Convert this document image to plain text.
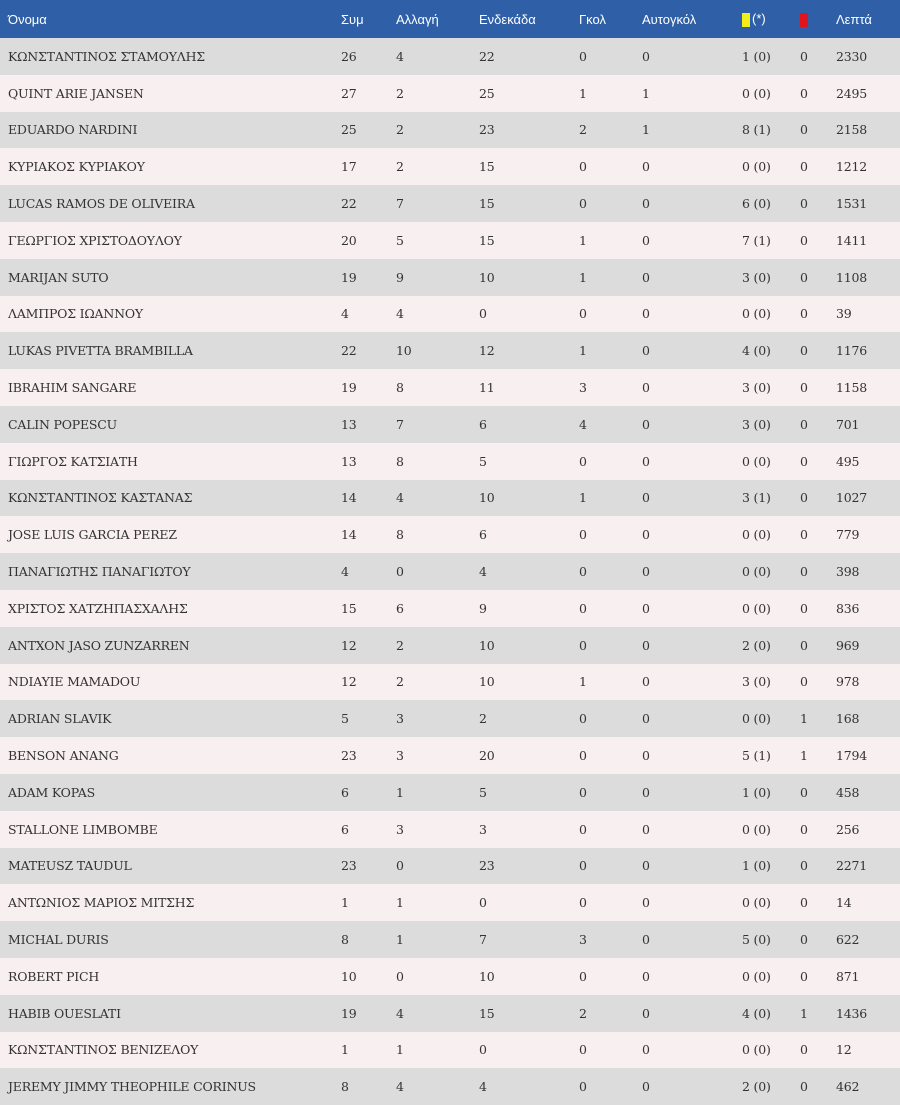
Όνομα	Συμ	Αλλαγή	Ενδεκάδα	Γκολ	Αυτογκόλ	(*)		Λεπτά
ΚΩΝΣΤΑΝΤΙΝΟΣ ΣΤΑΜΟΥΛΗΣ	26	4	22	0	0	1 (0)	0	2330
QUINT ARIE JANSEN	27	2	25	1	1	0 (0)	0	2495
EDUARDO NARDINI	25	2	23	2	1	8 (1)	0	2158
ΚΥΡΙΑΚΟΣ ΚΥΡΙΑΚΟΥ	17	2	15	0	0	0 (0)	0	1212
LUCAS RAMOS DE OLIVEIRA	22	7	15	0	0	6 (0)	0	1531
ΓΕΩΡΓΙΟΣ ΧΡΙΣΤΟΔΟΥΛΟΥ	20	5	15	1	0	7 (1)	0	1411
MARIJAN SUTO	19	9	10	1	0	3 (0)	0	1108
ΛΑΜΠΡΟΣ ΙΩΑΝΝΟΥ	4	4	0	0	0	0 (0)	0	39
LUKAS PIVETTA BRAMBILLA	22	10	12	1	0	4 (0)	0	1176
IBRAHIM SANGARE	19	8	11	3	0	3 (0)	0	1158
CALIN POPESCU	13	7	6	4	0	3 (0)	0	701
ΓΙΩΡΓΟΣ ΚΑΤΣΙΑΤΗ	13	8	5	0	0	0 (0)	0	495
ΚΩΝΣΤΑΝΤΙΝΟΣ ΚΑΣΤΑΝΑΣ	14	4	10	1	0	3 (1)	0	1027
JOSE LUIS GARCIA PEREZ	14	8	6	0	0	0 (0)	0	779
ΠΑΝΑΓΙΩΤΗΣ ΠΑΝΑΓΙΩΤΟΥ	4	0	4	0	0	0 (0)	0	398
ΧΡΙΣΤΟΣ ΧΑΤΖΗΠΑΣΧΑΛΗΣ	15	6	9	0	0	0 (0)	0	836
ANTXON JASO ZUNZARREN	12	2	10	0	0	2 (0)	0	969
NDIAYIE MAMADOU	12	2	10	1	0	3 (0)	0	978
ADRIAN SLAVIK	5	3	2	0	0	0 (0)	1	168
BENSON ANANG	23	3	20	0	0	5 (1)	1	1794
ADAM KOPAS	6	1	5	0	0	1 (0)	0	458
STALLONE LIMBOMBE	6	3	3	0	0	0 (0)	0	256
MATEUSZ TAUDUL	23	0	23	0	0	1 (0)	0	2271
ΑΝΤΩΝΙΟΣ ΜΑΡΙΟΣ ΜΙΤΣΗΣ	1	1	0	0	0	0 (0)	0	14
MICHAL DURIS	8	1	7	3	0	5 (0)	0	622
ROBERT PICH	10	0	10	0	0	0 (0)	0	871
HABIB OUESLATI	19	4	15	2	0	4 (0)	1	1436
ΚΩΝΣΤΑΝΤΙΝΟΣ ΒΕΝΙΖΕΛΟΥ	1	1	0	0	0	0 (0)	0	12
JEREMY JIMMY THEOPHILE CORINUS	8	4	4	0	0	2 (0)	0	462
